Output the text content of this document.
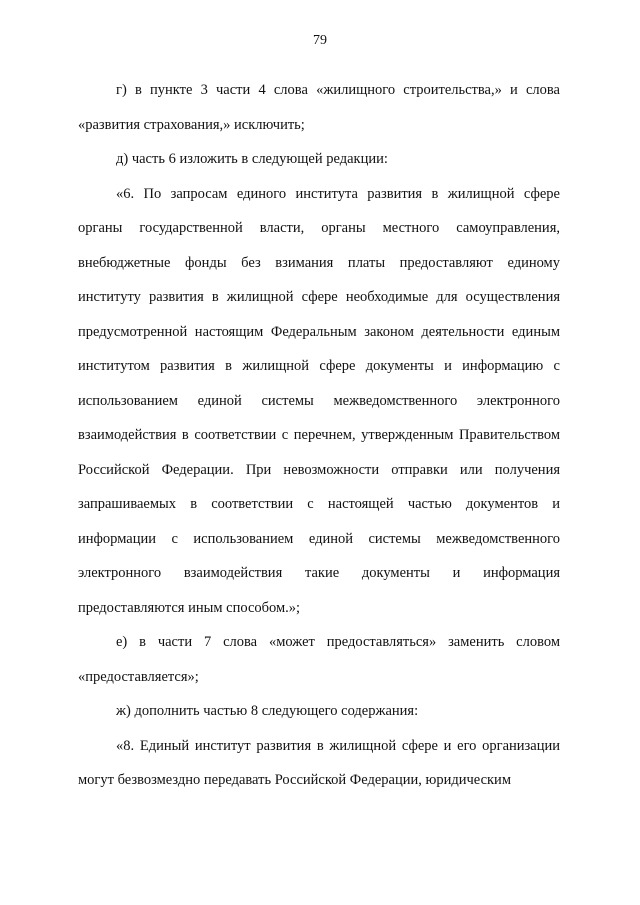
79

г) в пункте 3 части 4 слова «жилищного строительства,» и слова «развития страхования,» исключить;

д) часть 6 изложить в следующей редакции:

«6. По запросам единого института развития в жилищной сфере органы государственной власти, органы местного самоуправления, внебюджетные фонды без взимания платы предоставляют единому институту развития в жилищной сфере необходимые для осуществления предусмотренной настоящим Федеральным законом деятельности единым институтом развития в жилищной сфере документы и информацию с использованием единой системы межведомственного электронного взаимодействия в соответствии с перечнем, утвержденным Правительством Российской Федерации. При невозможности отправки или получения запрашиваемых в соответствии с настоящей частью документов и информации с использованием единой системы межведомственного электронного взаимодействия такие документы и информация предоставляются иным способом.»;

е) в части 7 слова «может предоставляться» заменить словом «предоставляется»;

ж) дополнить частью 8 следующего содержания:

«8. Единый институт развития в жилищной сфере и его организации могут безвозмездно передавать Российской Федерации, юридическим
